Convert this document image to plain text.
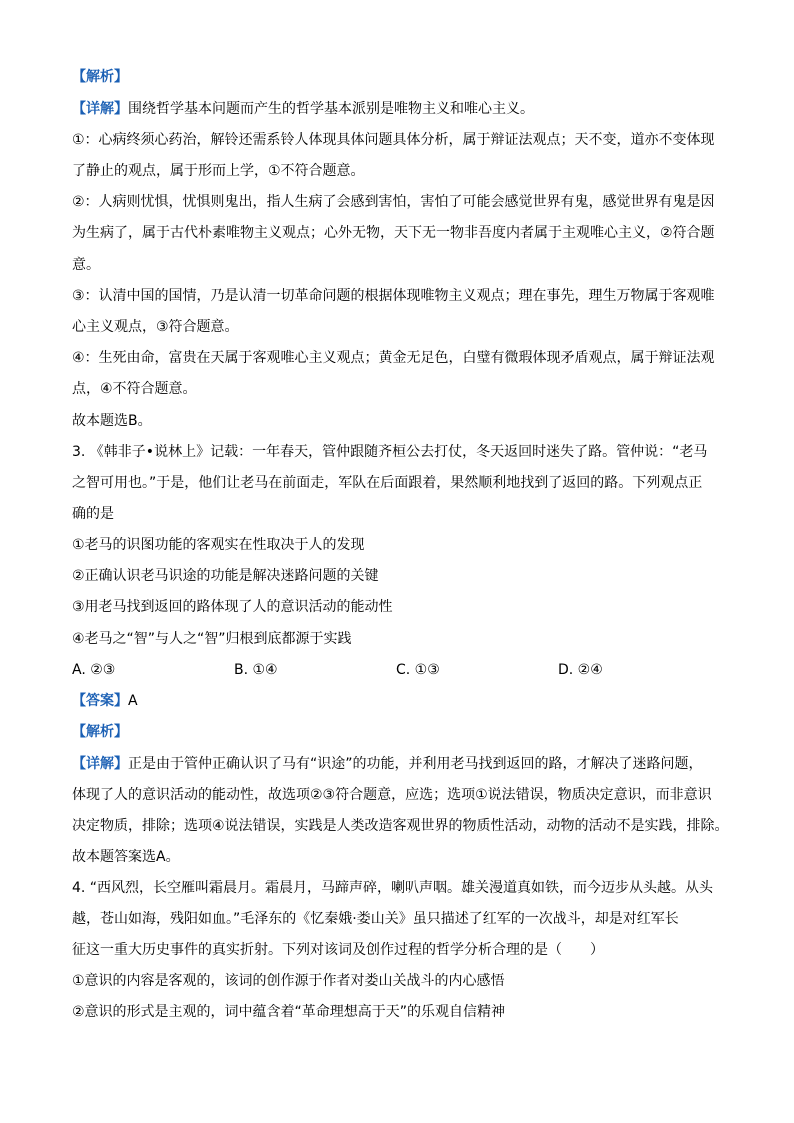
【解析】
【详解】围绕哲学基本问题而产生的哲学基本派别是唯物主义和唯心主义。
①：心病终须心药治，解铃还需系铃人体现具体问题具体分析，属于辩证法观点；天不变，道亦不变体现
了静止的观点，属于形而上学，①不符合题意。
②：人病则忧惧，忧惧则鬼出，指人生病了会感到害怕，害怕了可能会感觉世界有鬼，感觉世界有鬼是因
为生病了，属于古代朴素唯物主义观点；心外无物，天下无一物非吾度内者属于主观唯心主义，②符合题
意。
③：认清中国的国情，乃是认清一切革命问题的根据体现唯物主义观点；理在事先，理生万物属于客观唯
心主义观点，③符合题意。
④：生死由命，富贵在天属于客观唯心主义观点；黄金无足色，白璧有微瑕体现矛盾观点，属于辩证法观
点，④不符合题意。
故本题选B。
3. 《韩非子•说林上》记载：一年春天，管仲跟随齐桓公去打仗，冬天返回时迷失了路。管仲说：“老马
之智可用也。”于是，他们让老马在前面走，军队在后面跟着，果然顺利地找到了返回的路。下列观点正
确的是
①老马的识图功能的客观实在性取决于人的发现
②正确认识老马识途的功能是解决迷路问题的关键
③用老马找到返回的路体现了人的意识活动的能动性
④老马之“智”与人之“智”归根到底都源于实践
A. ②③	B. ①④	C. ①③	D. ②④
【答案】A
【解析】
【详解】正是由于管仲正确认识了马有“识途”的功能，并利用老马找到返回的路，才解决了迷路问题，
体现了人的意识活动的能动性，故选项②③符合题意，应选；选项①说法错误，物质决定意识，而非意识
决定物质，排除；选项④说法错误，实践是人类改造客观世界的物质性活动，动物的活动不是实践，排除。
故本题答案选A。
4. “西风烈，长空雁叫霜晨月。霜晨月，马蹄声碎，喇叭声咽。雄关漫道真如铁，而今迈步从头越。从头
越，苍山如海，残阳如血。”毛泽东的《忆秦娥·娄山关》虽只描述了红军的一次战斗，却是对红军长
征这一重大历史事件的真实折射。下列对该词及创作过程的哲学分析合理的是（　　）
①意识的内容是客观的，该词的创作源于作者对娄山关战斗的内心感悟
②意识的形式是主观的，词中蕴含着“革命理想高于天”的乐观自信精神
